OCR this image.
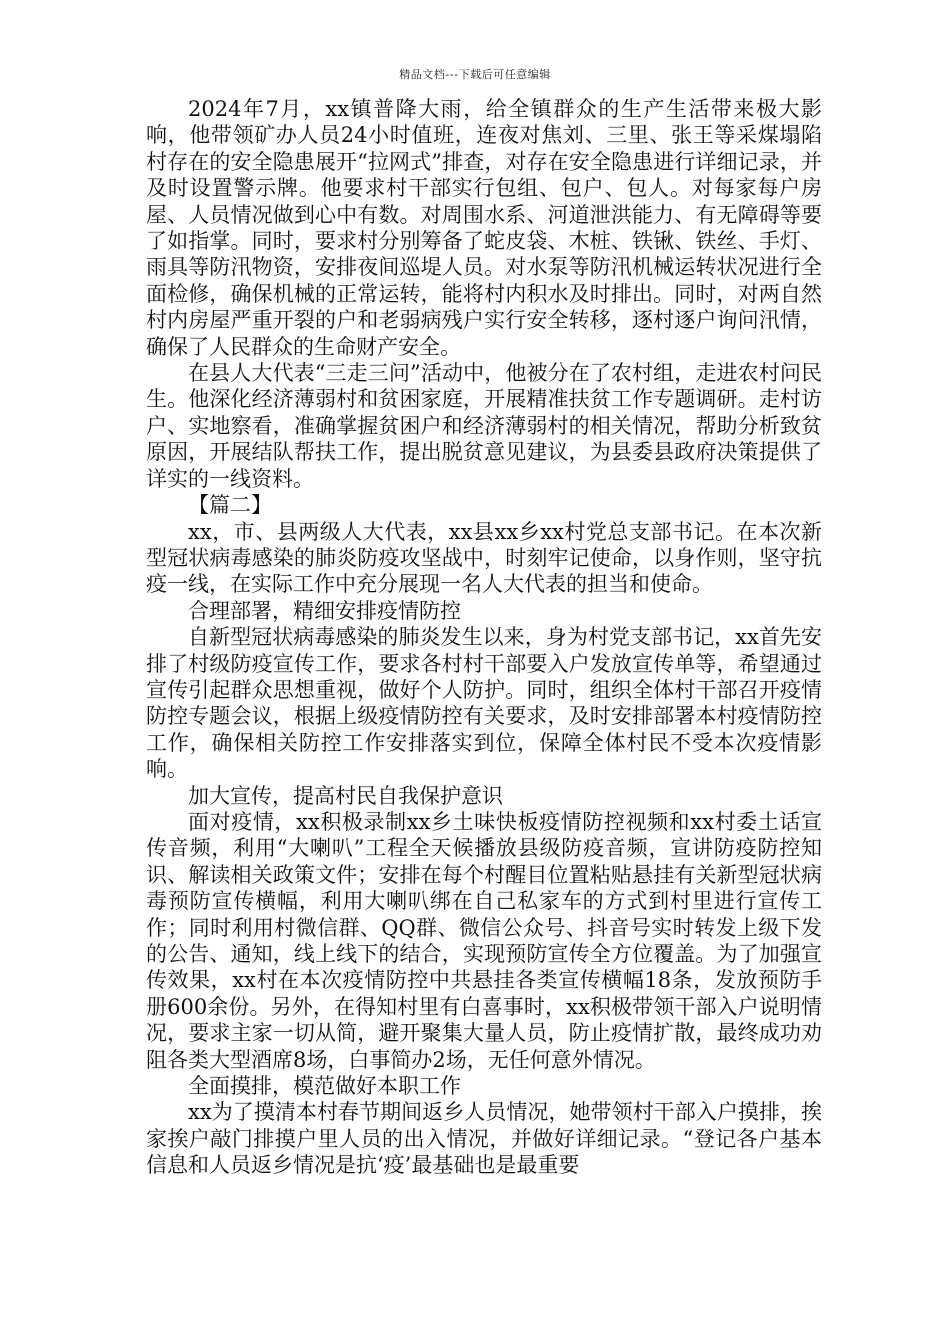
精品文档---下载后可任意编辑

2024年7月，xx镇普降大雨，给全镇群众的生产生活带来极大影响，他带领矿办人员24小时值班，连夜对焦刘、三里、张王等采煤塌陷村存在的安全隐患展开“拉网式”排查，对存在安全隐患进行详细记录，并及时设置警示牌。他要求村干部实行包组、包户、包人。对每家每户房屋、人员情况做到心中有数。对周围水系、河道泄洪能力、有无障碍等要了如指掌。同时，要求村分别筹备了蛇皮袋、木桩、铁锹、铁丝、手灯、雨具等防汛物资，安排夜间巡堤人员。对水泵等防汛机械运转状况进行全面检修，确保机械的正常运转，能将村内积水及时排出。同时，对两自然村内房屋严重开裂的户和老弱病残户实行安全转移，逐村逐户询问汛情，确保了人民群众的生命财产安全。

在县人大代表“三走三问”活动中，他被分在了农村组，走进农村问民生。他深化经济薄弱村和贫困家庭，开展精准扶贫工作专题调研。走村访户、实地察看，准确掌握贫困户和经济薄弱村的相关情况，帮助分析致贫原因，开展结队帮扶工作，提出脱贫意见建议，为县委县政府决策提供了详实的一线资料。

【篇二】

xx，市、县两级人大代表，xx县xx乡xx村党总支部书记。在本次新型冠状病毒感染的肺炎防疫攻坚战中，时刻牢记使命，以身作则，坚守抗疫一线，在实际工作中充分展现一名人大代表的担当和使命。

合理部署，精细安排疫情防控

自新型冠状病毒感染的肺炎发生以来，身为村党支部书记，xx首先安排了村级防疫宣传工作，要求各村村干部要入户发放宣传单等，希望通过宣传引起群众思想重视，做好个人防护。同时，组织全体村干部召开疫情防控专题会议，根据上级疫情防控有关要求，及时安排部署本村疫情防控工作，确保相关防控工作安排落实到位，保障全体村民不受本次疫情影响。

加大宣传，提高村民自我保护意识

面对疫情，xx积极录制xx乡土味快板疫情防控视频和xx村委土话宣传音频，利用“大喇叭”工程全天候播放县级防疫音频，宣讲防疫防控知识、解读相关政策文件；安排在每个村醒目位置粘贴悬挂有关新型冠状病毒预防宣传横幅，利用大喇叭绑在自己私家车的方式到村里进行宣传工作；同时利用村微信群、QQ群、微信公众号、抖音号实时转发上级下发的公告、通知，线上线下的结合，实现预防宣传全方位覆盖。为了加强宣传效果，xx村在本次疫情防控中共悬挂各类宣传横幅18条，发放预防手册600余份。另外，在得知村里有白喜事时，xx积极带领干部入户说明情况，要求主家一切从简，避开聚集大量人员，防止疫情扩散，最终成功劝阻各类大型酒席8场，白事简办2场，无任何意外情况。

全面摸排，模范做好本职工作

xx为了摸清本村春节期间返乡人员情况，她带领村干部入户摸排，挨家挨户敲门排摸户里人员的出入情况，并做好详细记录。“登记各户基本信息和人员返乡情况是抗‘疫’最基础也是最重要
